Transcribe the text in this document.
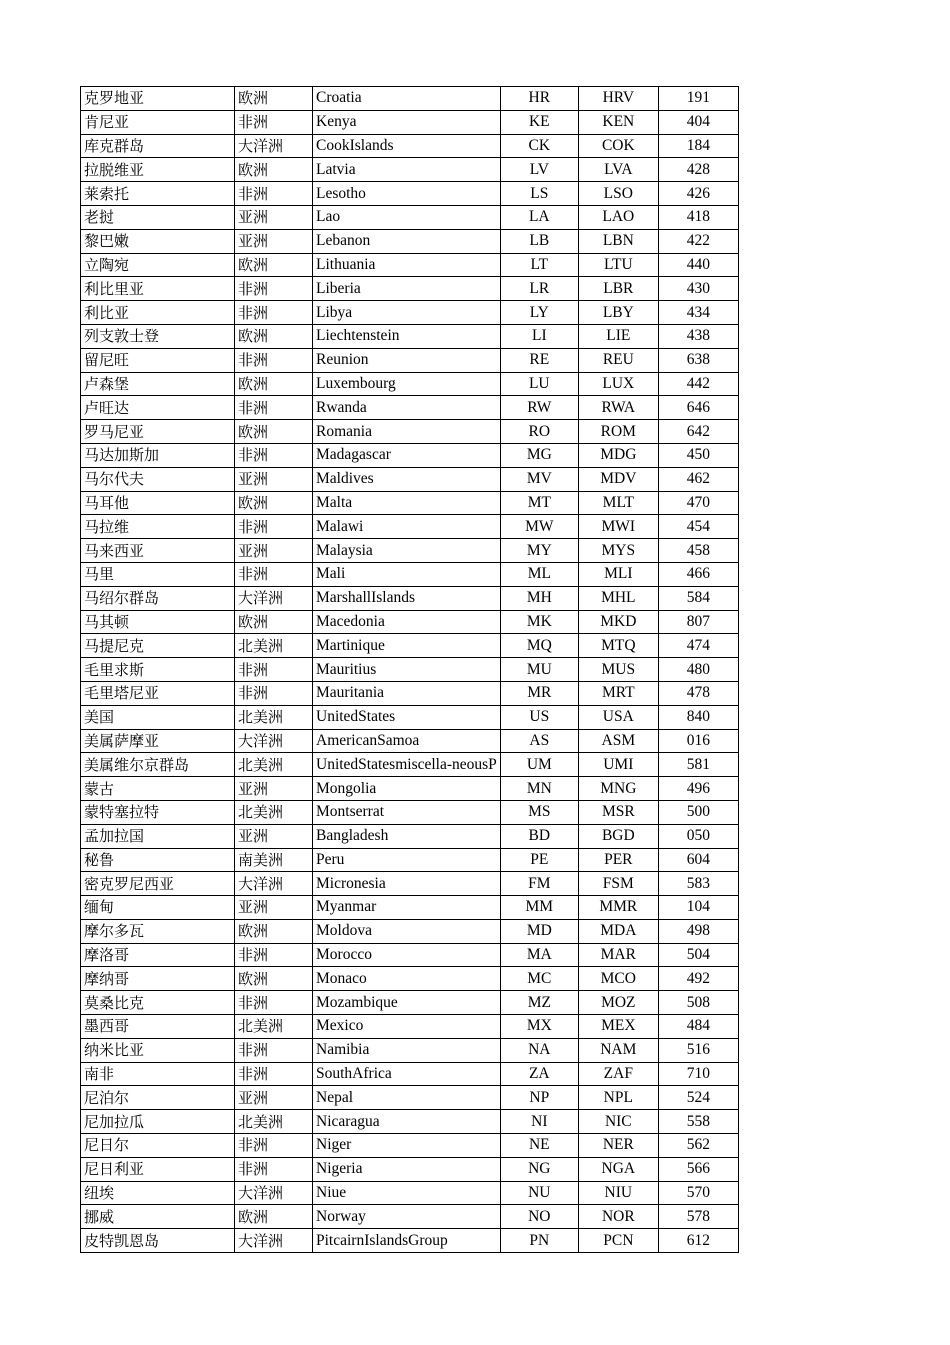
克罗地亚	欧洲	Croatia	HR	HRV	191
肯尼亚	非洲	Kenya	KE	KEN	404
库克群岛	大洋洲	CookIslands	CK	COK	184
拉脱维亚	欧洲	Latvia	LV	LVA	428
莱索托	非洲	Lesotho	LS	LSO	426
老挝	亚洲	Lao	LA	LAO	418
黎巴嫩	亚洲	Lebanon	LB	LBN	422
立陶宛	欧洲	Lithuania	LT	LTU	440
利比里亚	非洲	Liberia	LR	LBR	430
利比亚	非洲	Libya	LY	LBY	434
列支敦士登	欧洲	Liechtenstein	LI	LIE	438
留尼旺	非洲	Reunion	RE	REU	638
卢森堡	欧洲	Luxembourg	LU	LUX	442
卢旺达	非洲	Rwanda	RW	RWA	646
罗马尼亚	欧洲	Romania	RO	ROM	642
马达加斯加	非洲	Madagascar	MG	MDG	450
马尔代夫	亚洲	Maldives	MV	MDV	462
马耳他	欧洲	Malta	MT	MLT	470
马拉维	非洲	Malawi	MW	MWI	454
马来西亚	亚洲	Malaysia	MY	MYS	458
马里	非洲	Mali	ML	MLI	466
马绍尔群岛	大洋洲	MarshallIslands	MH	MHL	584
马其顿	欧洲	Macedonia	MK	MKD	807
马提尼克	北美洲	Martinique	MQ	MTQ	474
毛里求斯	非洲	Mauritius	MU	MUS	480
毛里塔尼亚	非洲	Mauritania	MR	MRT	478
美国	北美洲	UnitedStates	US	USA	840
美属萨摩亚	大洋洲	AmericanSamoa	AS	ASM	016
美属维尔京群岛	北美洲	UnitedStatesmiscella-neousP	UM	UMI	581
蒙古	亚洲	Mongolia	MN	MNG	496
蒙特塞拉特	北美洲	Montserrat	MS	MSR	500
孟加拉国	亚洲	Bangladesh	BD	BGD	050
秘鲁	南美洲	Peru	PE	PER	604
密克罗尼西亚	大洋洲	Micronesia	FM	FSM	583
缅甸	亚洲	Myanmar	MM	MMR	104
摩尔多瓦	欧洲	Moldova	MD	MDA	498
摩洛哥	非洲	Morocco	MA	MAR	504
摩纳哥	欧洲	Monaco	MC	MCO	492
莫桑比克	非洲	Mozambique	MZ	MOZ	508
墨西哥	北美洲	Mexico	MX	MEX	484
纳米比亚	非洲	Namibia	NA	NAM	516
南非	非洲	SouthAfrica	ZA	ZAF	710
尼泊尔	亚洲	Nepal	NP	NPL	524
尼加拉瓜	北美洲	Nicaragua	NI	NIC	558
尼日尔	非洲	Niger	NE	NER	562
尼日利亚	非洲	Nigeria	NG	NGA	566
纽埃	大洋洲	Niue	NU	NIU	570
挪威	欧洲	Norway	NO	NOR	578
皮特凯恩岛	大洋洲	PitcairnIslandsGroup	PN	PCN	612
